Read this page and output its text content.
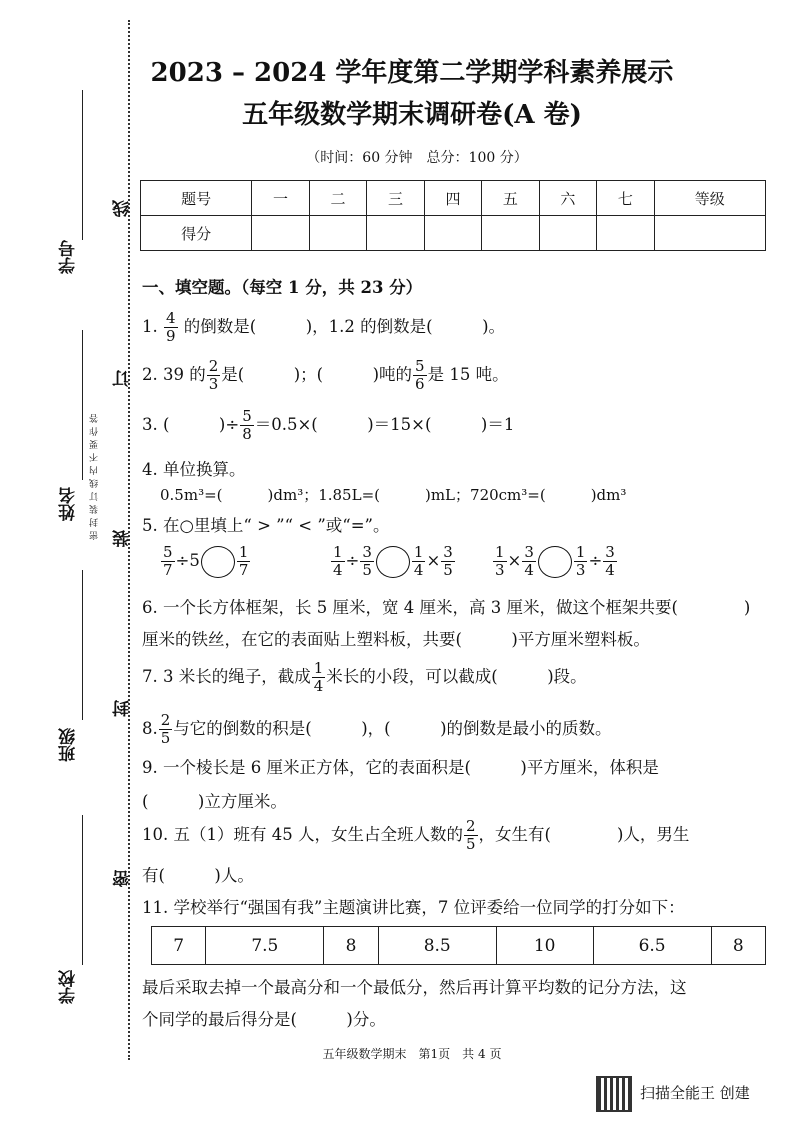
学号
姓名
班级
学校
线
订
装
封
密
密封装订线内不要作答
2023 – 2024 学年度第二学期学科素养展示
五年级数学期末调研卷(A 卷)
（时间：60 分钟　总分：100 分）
题号	一	二	三	四	五	六	七	等级
得分								
一、填空题。（每空 1 分，共 23 分）
1. $\frac{4}{9}$ 的倒数是(　　　)，1.2 的倒数是(　　　)。
2. 39 的 $\frac{2}{3}$ 是(　　　)；(　　　)吨的 $\frac{5}{6}$ 是 15 吨。
3. (　　　)÷ $\frac{5}{8} =0.5\times$(　　　)＝15×(　　　)＝1
4. 单位换算。
0.5m³=(　　　)dm³；1.85L=(　　　)mL；720cm³=(　　　)dm³
5. 在○里填上“ > ”“ < ”或“=”。
$\frac{5}{7} \div 5 \frac{1}{7}$	$\frac{1}{4} \div \frac{3}{5}$	$\frac{1}{4} \times \frac{3}{5}$	$\frac{1}{3} \times \frac{3}{4}$	$\frac{1}{3} \div \frac{3}{4}$
6. 一个长方体框架，长 5 厘米，宽 4 厘米，高 3 厘米，做这个框架共要(　　　　)
厘米的铁丝，在它的表面贴上塑料板，共要(　　　)平方厘米塑料板。
7. 3 米长的绳子，截成 $\frac{1}{4}$ 米长的小段，可以截成(　　　)段。
8. $\frac{2}{5}$ 与它的倒数的积是(　　　)，(　　　)的倒数是最小的质数。
9. 一个棱长是 6 厘米正方体，它的表面积是(　　　)平方厘米，体积是
(　　　)立方厘米。
10. 五（1）班有 45 人，女生占全班人数的 $\frac{2}{5}$ ，女生有(　　　　)人，男生
有(　　　)人。
11. 学校举行“强国有我”主题演讲比赛，7 位评委给一位同学的打分如下：
7	7.5	8	8.5	10	6.5	8
最后采取去掉一个最高分和一个最低分，然后再计算平均数的记分方法，这
个同学的最后得分是(　　　)分。
五年级数学期末　第1页　共 4 页
扫描全能王 创建
